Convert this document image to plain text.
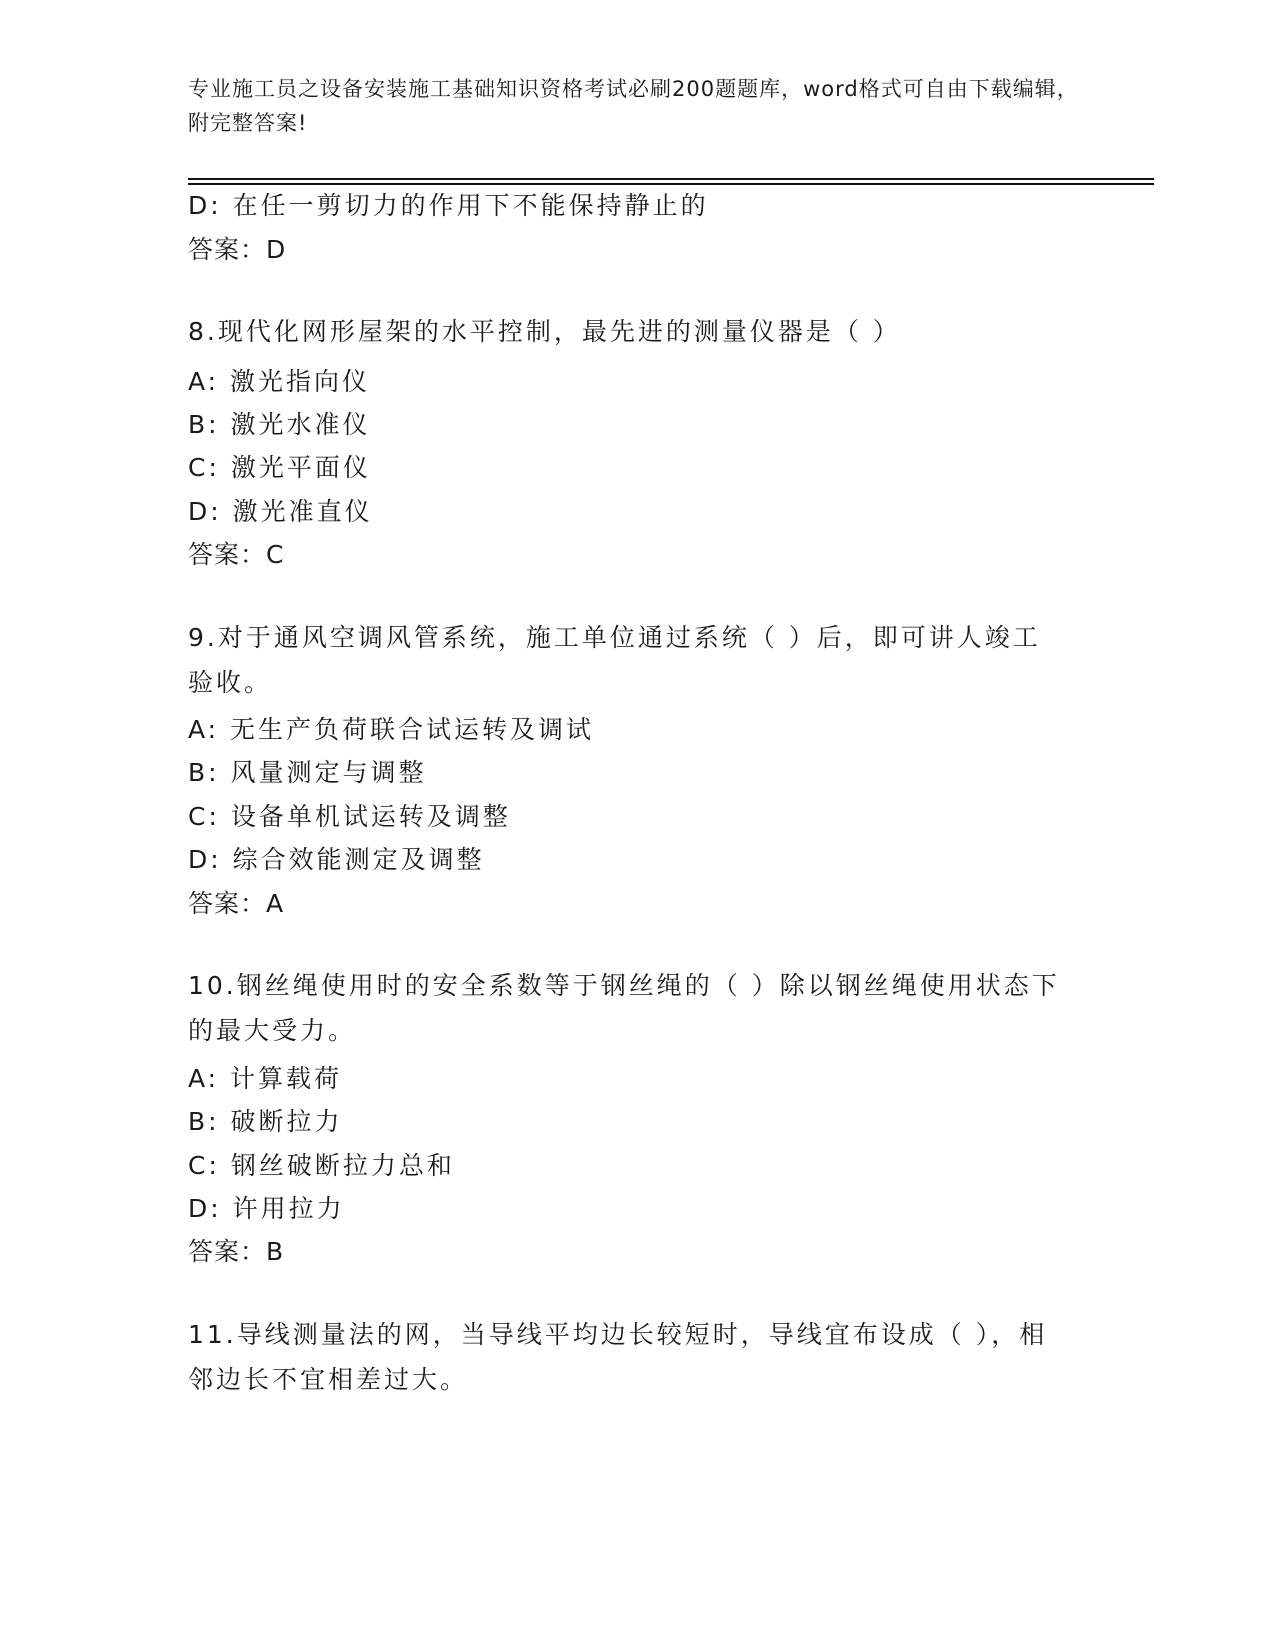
专业施工员之设备安装施工基础知识资格考试必刷200题题库，word格式可自由下载编辑，附完整答案!
D: 在任一剪切力的作用下不能保持静止的
答案：D
8.现代化网形屋架的水平控制，最先进的测量仪器是（ ）
A: 激光指向仪
B: 激光水准仪
C: 激光平面仪
D: 激光准直仪
答案：C
9.对于通风空调风管系统，施工单位通过系统（ ）后，即可讲人竣工验收。
A: 无生产负荷联合试运转及调试
B: 风量测定与调整
C: 设备单机试运转及调整
D: 综合效能测定及调整
答案：A
10.钢丝绳使用时的安全系数等于钢丝绳的（ ）除以钢丝绳使用状态下的最大受力。
A: 计算载荷
B: 破断拉力
C: 钢丝破断拉力总和
D: 许用拉力
答案：B
11.导线测量法的网，当导线平均边长较短时，导线宜布设成（ ），相邻边长不宜相差过大。
